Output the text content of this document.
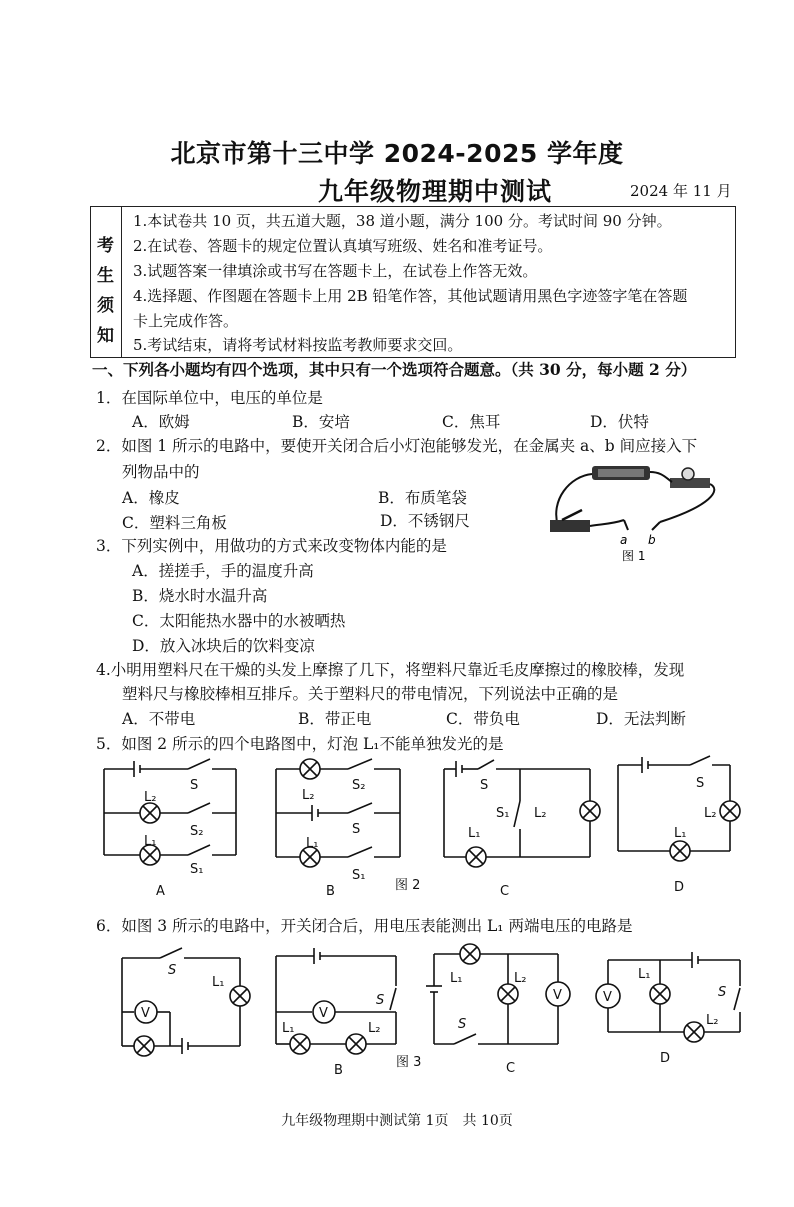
北京市第十三中学 2024-2025 学年度
九年级物理期中测试	2024 年 11 月
考
生
须
知
1.本试卷共 10 页，共五道大题，38 道小题，满分 100 分。考试时间 90 分钟。
2.在试卷、答题卡的规定位置认真填写班级、姓名和准考证号。
3.试题答案一律填涂或书写在答题卡上，在试卷上作答无效。
4.选择题、作图题在答题卡上用 2B 铅笔作答，其他试题请用黑色字迹签字笔在答题
卡上完成作答。
5.考试结束，请将考试材料按监考教师要求交回。
一、下列各小题均有四个选项，其中只有一个选项符合题意。（共 30 分，每小题 2 分）
1．在国际单位中，电压的单位是
A．欧姆	B．安培	C．焦耳	D．伏特
2．如图 1 所示的电路中，要使开关闭合后小灯泡能够发光，在金属夹 a、b 间应接入下
列物品中的
A．橡皮	B．布质笔袋
C．塑料三角板	D．不锈钢尺
a b
图 1
3．下列实例中，用做功的方式来改变物体内能的是
A．搓搓手，手的温度升高
B．烧水时水温升高
C．太阳能热水器中的水被晒热
D．放入冰块后的饮料变凉
4.小明用塑料尺在干燥的头发上摩擦了几下，将塑料尺靠近毛皮摩擦过的橡胶棒，发现
塑料尺与橡胶棒相互排斥。关于塑料尺的带电情况，下列说法中正确的是
A．不带电	B．带正电	C．带负电	D．无法判断
5．如图 2 所示的四个电路图中，灯泡 L₁不能单独发光的是
S
L₂
S₂
L₁
S₁
A
S₂
L₂
S
L₁
S₁
B	图 2
S
S₁ L₂
L₁
C
S
L₂
L₁
D
6．如图 3 所示的电路中，开关闭合后，用电压表能测出 L₁ 两端电压的电路是
S
L₁
V
S
V
L₁	L₂
B
图 3
L₁	L₂
V
S
C
V
L₁
S
L₂
D
九年级物理期中测试第 1页　共 10页
